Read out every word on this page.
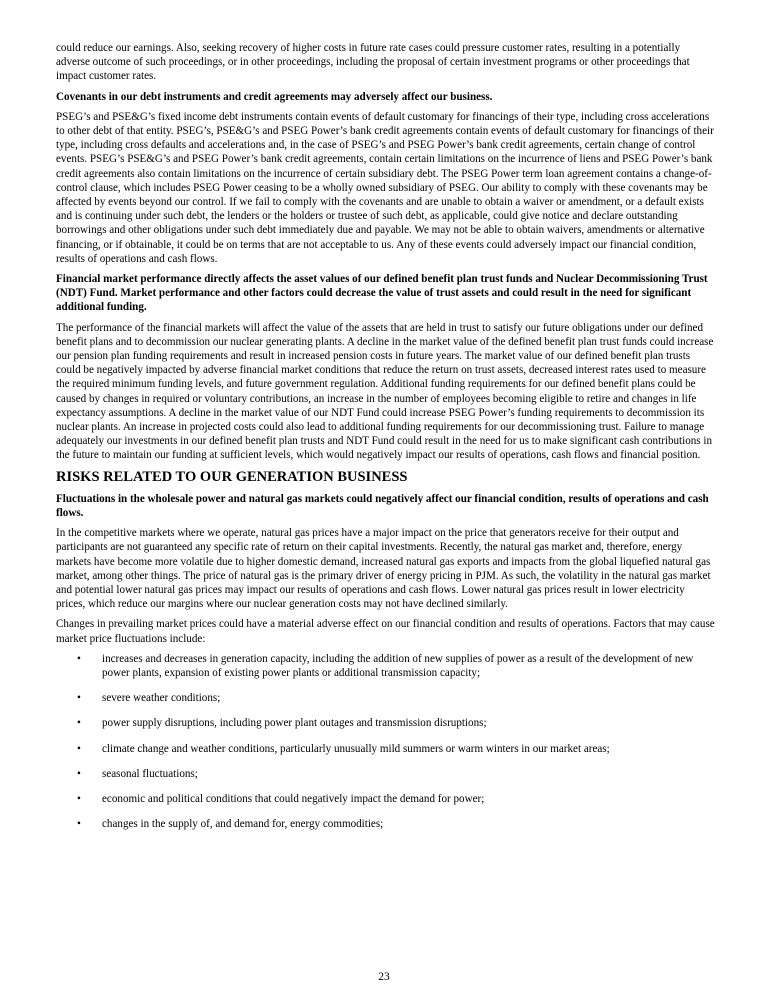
could reduce our earnings. Also, seeking recovery of higher costs in future rate cases could pressure customer rates, resulting in a potentially adverse outcome of such proceedings, or in other proceedings, including the proposal of certain investment programs or other proceedings that impact customer rates.

Covenants in our debt instruments and credit agreements may adversely affect our business.

PSEG’s and PSE&G’s fixed income debt instruments contain events of default customary for financings of their type, including cross accelerations to other debt of that entity. PSEG’s, PSE&G’s and PSEG Power’s bank credit agreements contain events of default customary for financings of their type, including cross defaults and accelerations and, in the case of PSEG’s and PSEG Power’s bank credit agreements, certain change of control events. PSEG’s PSE&G’s and PSEG Power’s bank credit agreements, contain certain limitations on the incurrence of liens and PSEG Power’s bank credit agreements also contain limitations on the incurrence of certain subsidiary debt. The PSEG Power term loan agreement contains a change-of-control clause, which includes PSEG Power ceasing to be a wholly owned subsidiary of PSEG. Our ability to comply with these covenants may be affected by events beyond our control. If we fail to comply with the covenants and are unable to obtain a waiver or amendment, or a default exists and is continuing under such debt, the lenders or the holders or trustee of such debt, as applicable, could give notice and declare outstanding borrowings and other obligations under such debt immediately due and payable. We may not be able to obtain waivers, amendments or alternative financing, or if obtainable, it could be on terms that are not acceptable to us. Any of these events could adversely impact our financial condition, results of operations and cash flows.

Financial market performance directly affects the asset values of our defined benefit plan trust funds and Nuclear Decommissioning Trust (NDT) Fund. Market performance and other factors could decrease the value of trust assets and could result in the need for significant additional funding.

The performance of the financial markets will affect the value of the assets that are held in trust to satisfy our future obligations under our defined benefit plans and to decommission our nuclear generating plants. A decline in the market value of the defined benefit plan trust funds could increase our pension plan funding requirements and result in increased pension costs in future years. The market value of our defined benefit plan trusts could be negatively impacted by adverse financial market conditions that reduce the return on trust assets, decreased interest rates used to measure the required minimum funding levels, and future government regulation. Additional funding requirements for our defined benefit plans could be caused by changes in required or voluntary contributions, an increase in the number of employees becoming eligible to retire and changes in life expectancy assumptions. A decline in the market value of our NDT Fund could increase PSEG Power’s funding requirements to decommission its nuclear plants. An increase in projected costs could also lead to additional funding requirements for our decommissioning trust. Failure to manage adequately our investments in our defined benefit plan trusts and NDT Fund could result in the need for us to make significant cash contributions in the future to maintain our funding at sufficient levels, which would negatively impact our results of operations, cash flows and financial position.

RISKS RELATED TO OUR GENERATION BUSINESS

Fluctuations in the wholesale power and natural gas markets could negatively affect our financial condition, results of operations and cash flows.

In the competitive markets where we operate, natural gas prices have a major impact on the price that generators receive for their output and participants are not guaranteed any specific rate of return on their capital investments. Recently, the natural gas market and, therefore, energy markets have become more volatile due to higher domestic demand, increased natural gas exports and impacts from the global liquefied natural gas market, among other things. The price of natural gas is the primary driver of energy pricing in PJM. As such, the volatility in the natural gas market and potential lower natural gas prices may impact our results of operations and cash flows. Lower natural gas prices result in lower electricity prices, which reduce our margins where our nuclear generation costs may not have declined similarly.

Changes in prevailing market prices could have a material adverse effect on our financial condition and results of operations. Factors that may cause market price fluctuations include:

• increases and decreases in generation capacity, including the addition of new supplies of power as a result of the development of new power plants, expansion of existing power plants or additional transmission capacity;
• severe weather conditions;
• power supply disruptions, including power plant outages and transmission disruptions;
• climate change and weather conditions, particularly unusually mild summers or warm winters in our market areas;
• seasonal fluctuations;
• economic and political conditions that could negatively impact the demand for power;
• changes in the supply of, and demand for, energy commodities;
23
